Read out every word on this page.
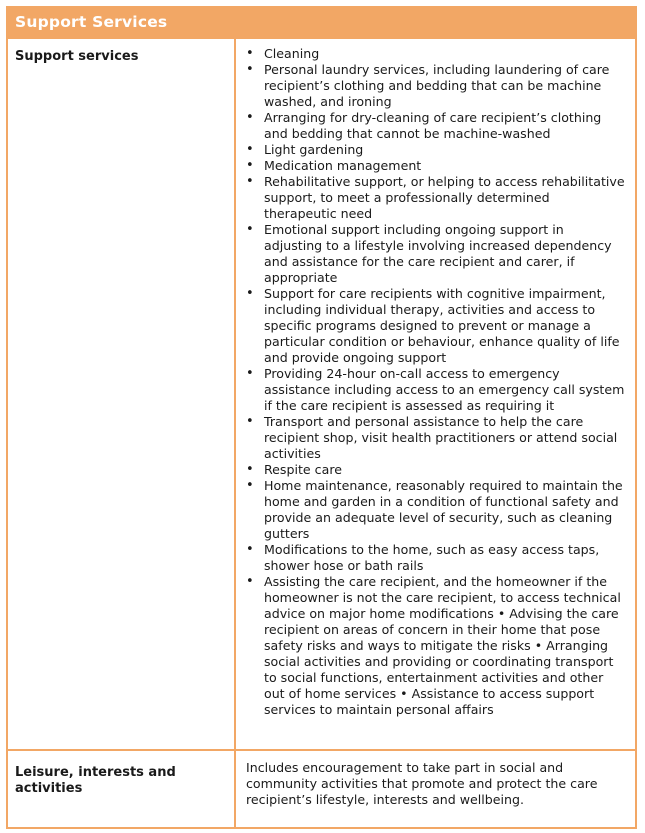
Support Services
Support services
•	Cleaning
• Personal laundry services, including laundering of care recipient’s clothing and bedding that can be machine washed, and ironing
• Arranging for dry-cleaning of care recipient’s clothing and bedding that cannot be machine-washed
• Light gardening
• Medication management
• Rehabilitative support, or helping to access rehabilitative support, to meet a professionally determined therapeutic need
• Emotional support including ongoing support in adjusting to a lifestyle involving increased dependency and assistance for the care recipient and carer, if appropriate
• Support for care recipients with cognitive impairment, including individual therapy, activities and access to specific programs designed to prevent or manage a particular condition or behaviour, enhance quality of life and provide ongoing support
• Providing 24-hour on-call access to emergency assistance including access to an emergency call system if the care recipient is assessed as requiring it
• Transport and personal assistance to help the care recipient shop, visit health practitioners or attend social activities
• Respite care
• Home maintenance, reasonably required to maintain the home and garden in a condition of functional safety and provide an adequate level of security, such as cleaning gutters
• Modifications to the home, such as easy access taps, shower hose or bath rails
• Assisting the care recipient, and the homeowner if the homeowner is not the care recipient, to access technical advice on major home modifications • Advising the care recipient on areas of concern in their home that pose safety risks and ways to mitigate the risks • Arranging social activities and providing or coordinating transport to social functions, entertainment activities and other out of home services • Assistance to access support services to maintain personal affairs
Leisure, interests and activities
Includes encouragement to take part in social and community activities that promote and protect the care recipient’s lifestyle, interests and wellbeing.
